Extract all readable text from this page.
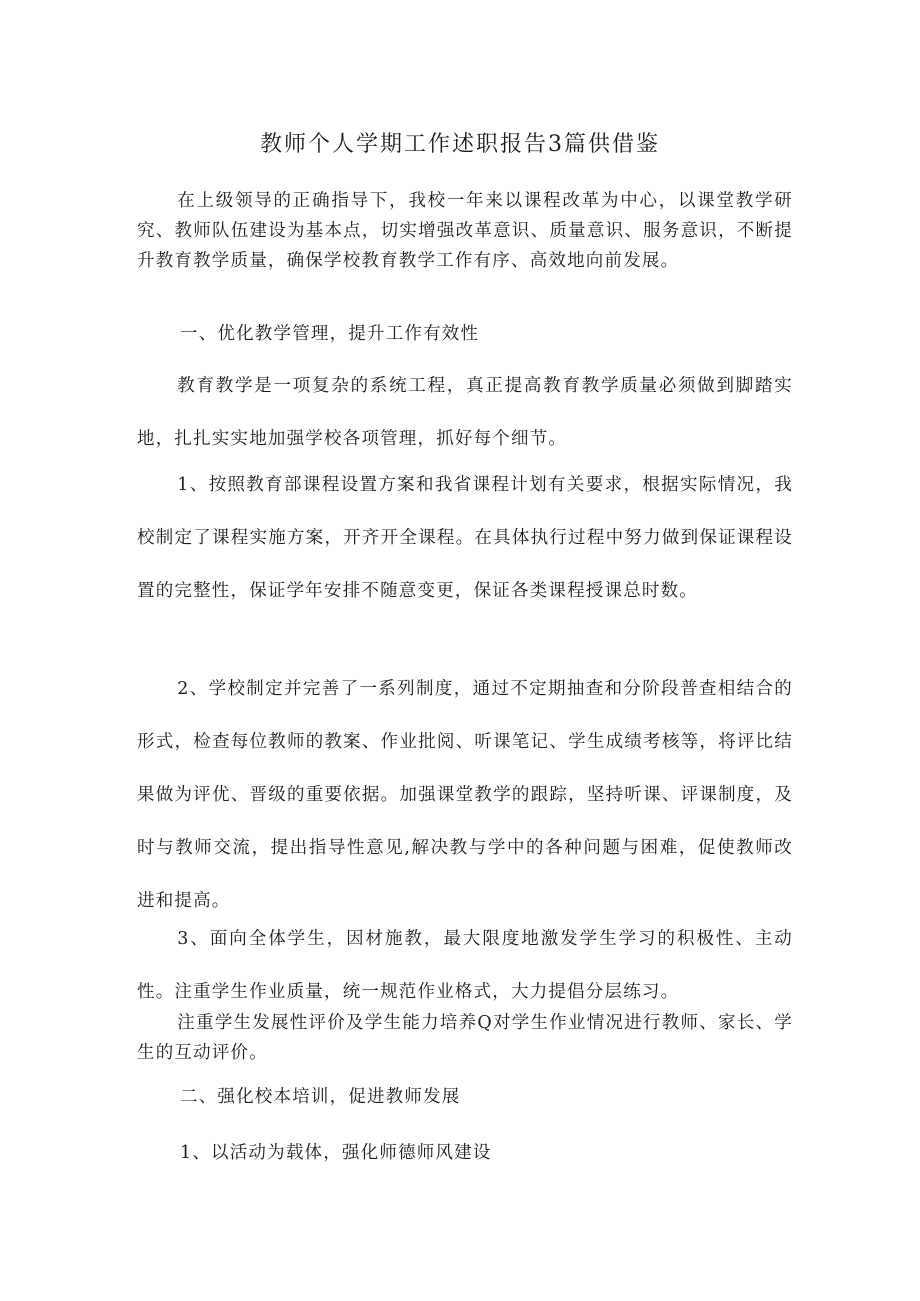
教师个人学期工作述职报告3篇供借鉴

在上级领导的正确指导下，我校一年来以课程改革为中心，以课堂教学研究、教师队伍建设为基本点，切实增强改革意识、质量意识、服务意识，不断提升教育教学质量，确保学校教育教学工作有序、高效地向前发展。

一、优化教学管理，提升工作有效性

教育教学是一项复杂的系统工程，真正提高教育教学质量必须做到脚踏实地，扎扎实实地加强学校各项管理，抓好每个细节。

1、按照教育部课程设置方案和我省课程计划有关要求，根据实际情况，我校制定了课程实施方案，开齐开全课程。在具体执行过程中努力做到保证课程设置的完整性，保证学年安排不随意变更，保证各类课程授课总时数。

2、学校制定并完善了一系列制度，通过不定期抽查和分阶段普查相结合的形式，检查每位教师的教案、作业批阅、听课笔记、学生成绩考核等，将评比结果做为评优、晋级的重要依据。加强课堂教学的跟踪，坚持听课、评课制度，及时与教师交流，提出指导性意见,解决教与学中的各种问题与困难，促使教师改进和提高。

3、面向全体学生，因材施教，最大限度地激发学生学习的积极性、主动性。注重学生作业质量，统一规范作业格式，大力提倡分层练习。

注重学生发展性评价及学生能力培养Q对学生作业情况进行教师、家长、学生的互动评价。

二、强化校本培训，促进教师发展
1、以活动为载体，强化师德师风建设
